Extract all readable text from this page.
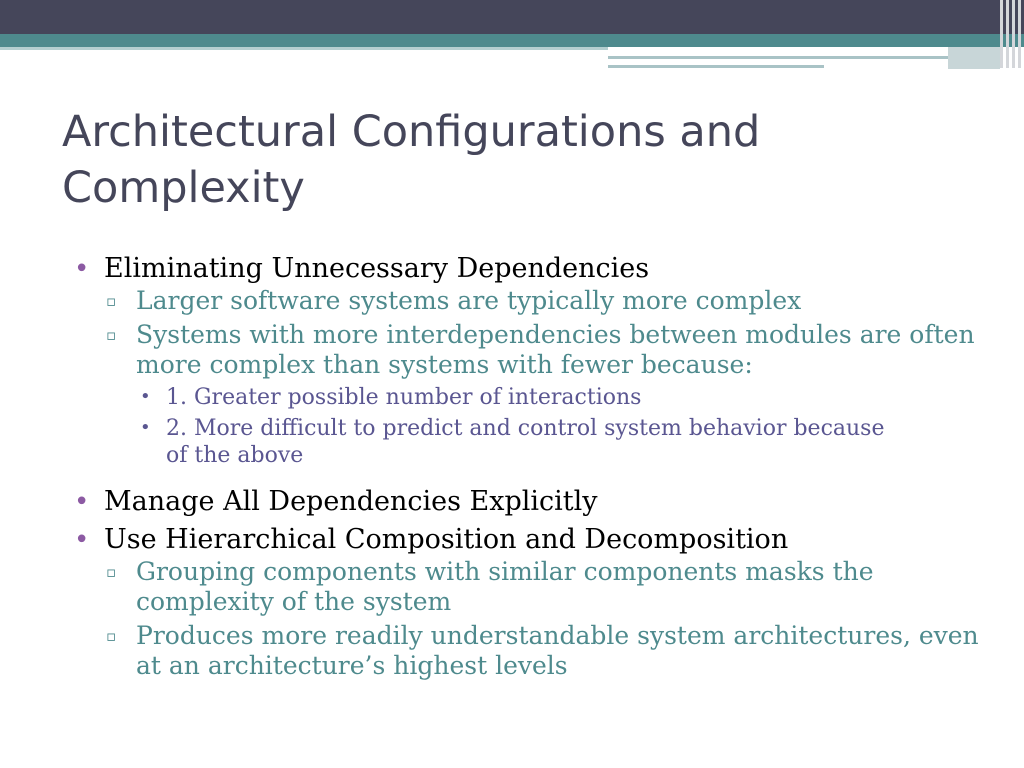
Architectural Configurations and Complexity
• Eliminating Unnecessary Dependencies
▫ Larger software systems are typically more complex
▫ Systems with more interdependencies between modules are often more complex than systems with fewer because:
• 1. Greater possible number of interactions
• 2. More difficult to predict and control system behavior because of the above
• Manage All Dependencies Explicitly
• Use Hierarchical Composition and Decomposition
▫ Grouping components with similar components masks the complexity of the system
▫ Produces more readily understandable system architectures, even at an architecture’s highest levels
